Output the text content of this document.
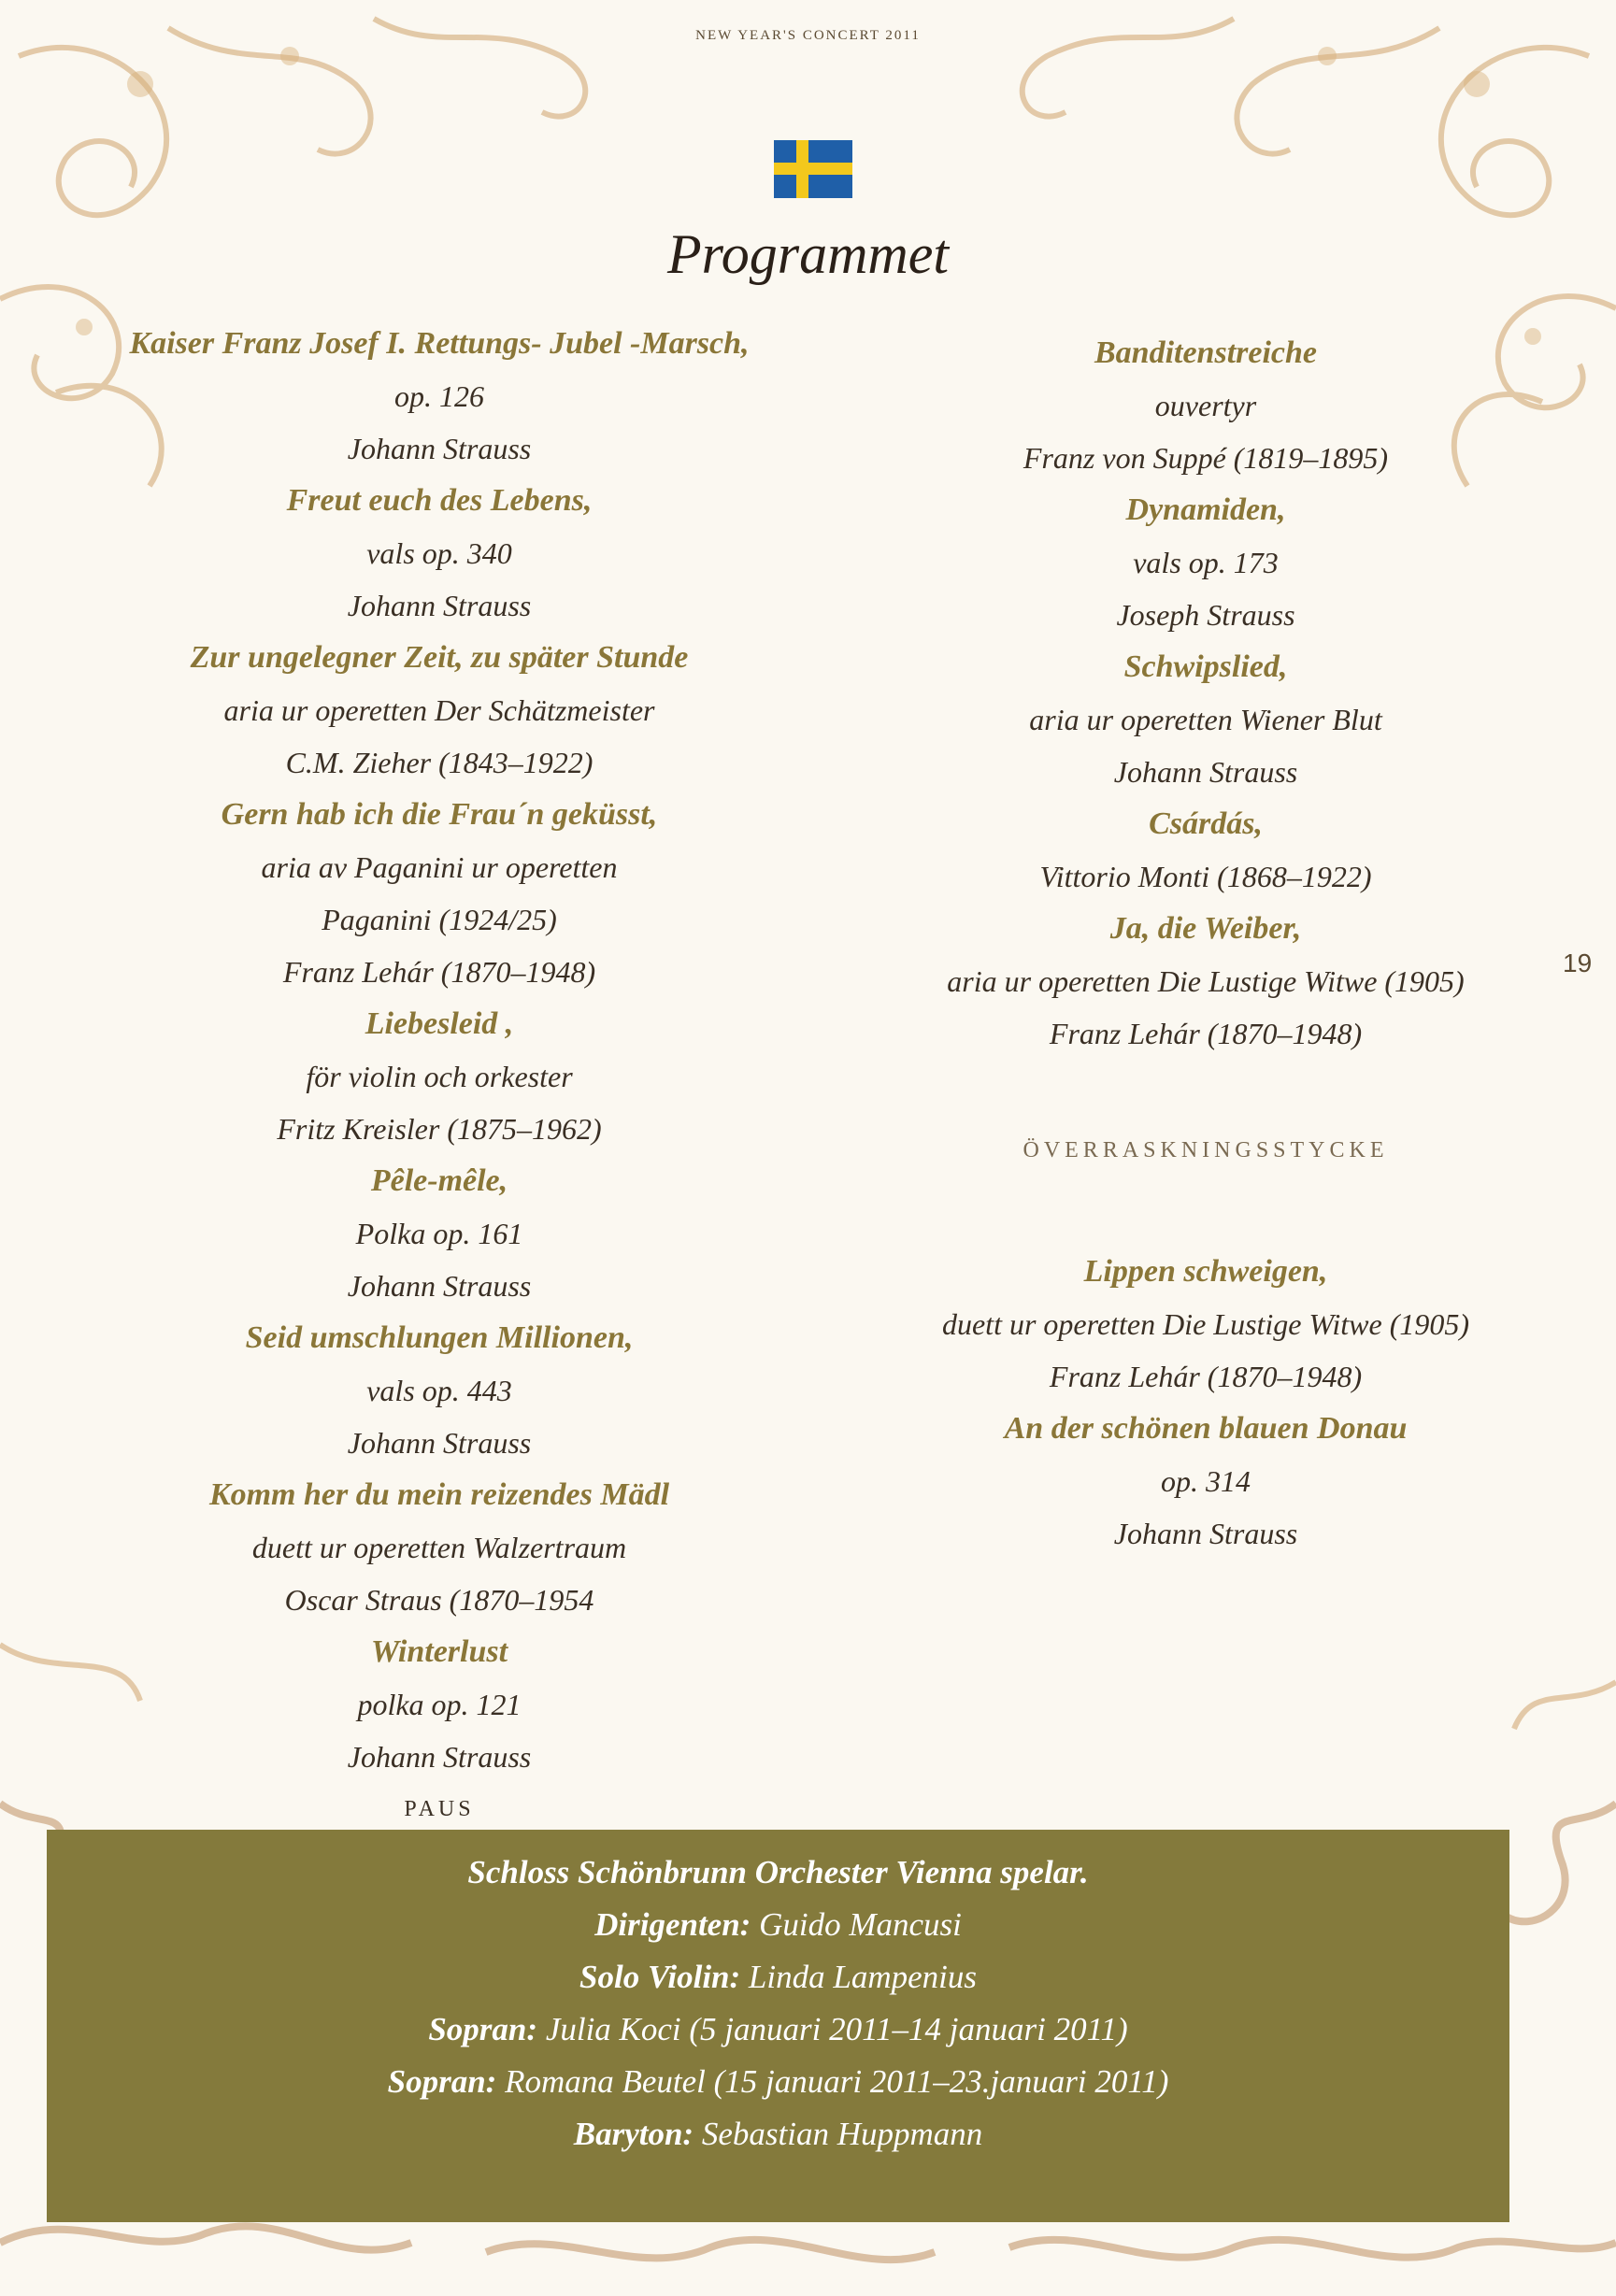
NEW YEAR'S CONCERT 2011
Programmet
Kaiser Franz Josef I. Rettungs- Jubel -Marsch,
op. 126
Johann Strauss
Freut euch des Lebens,
vals op. 340
Johann Strauss
Zur ungelegner Zeit, zu später Stunde
aria ur operetten Der Schätzmeister
C.M. Zieher (1843–1922)
Gern hab ich die Frau´n geküsst,
aria av Paganini ur operetten
Paganini (1924/25)
Franz Lehár (1870–1948)
Liebesleid ,
för violin och orkester
Fritz Kreisler (1875–1962)
Pêle-mêle,
Polka op. 161
Johann Strauss
Seid umschlungen Millionen,
vals op. 443
Johann Strauss
Komm her du mein reizendes Mädl
duett ur operetten Walzertraum
Oscar Straus (1870–1954
Winterlust
polka op. 121
Johann Strauss
PAUS
Banditenstreiche
ouvertyr
Franz von Suppé (1819–1895)
Dynamiden,
vals op. 173
Joseph Strauss
Schwipslied,
aria ur operetten Wiener Blut
Johann Strauss
Csárdás,
Vittorio Monti (1868–1922)
Ja, die Weiber,
aria ur operetten Die Lustige Witwe (1905)
Franz Lehár (1870–1948)
ÖVERRASKNINGSSTYCKE
Lippen schweigen,
duett ur operetten Die Lustige Witwe (1905)
Franz Lehár (1870–1948)
An der schönen blauen Donau
op. 314
Johann Strauss
19
Schloss Schönbrunn Orchester Vienna spelar.
Dirigenten: Guido Mancusi
Solo Violin: Linda Lampenius
Sopran: Julia Koci (5 januari 2011–14 januari 2011)
Sopran: Romana Beutel (15 januari 2011–23.januari 2011)
Baryton: Sebastian Huppmann
